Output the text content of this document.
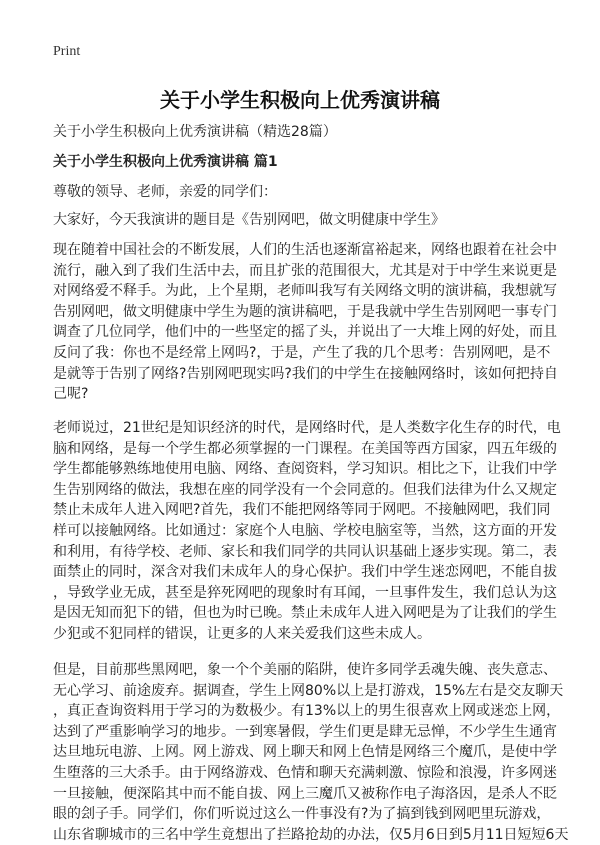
Print
关于小学生积极向上优秀演讲稿
关于小学生积极向上优秀演讲稿（精选28篇）
关于小学生积极向上优秀演讲稿 篇1
尊敬的领导、老师，亲爱的同学们：
大家好，今天我演讲的题目是《告别网吧，做文明健康中学生》
现在随着中国社会的不断发展，人们的生活也逐渐富裕起来，网络也跟着在社会中
流行，融入到了我们生活中去，而且扩张的范围很大，尤其是对于中学生来说更是
对网络爱不释手。为此，上个星期，老师叫我写有关网络文明的演讲稿，我想就写
告别网吧，做文明健康中学生为题的演讲稿吧，于是我就中学生告别网吧一事专门
调查了几位同学，他们中的一些坚定的摇了头，并说出了一大堆上网的好处，而且
反问了我：你也不是经常上网吗?，于是，产生了我的几个思考：告别网吧，是不
是就等于告别了网络?告别网吧现实吗?我们的中学生在接触网络时，该如何把持自
己呢?
老师说过，21世纪是知识经济的时代，是网络时代，是人类数字化生存的时代，电
脑和网络，是每一个学生都必须掌握的一门课程。在美国等西方国家，四五年级的
学生都能够熟练地使用电脑、网络、查阅资料，学习知识。相比之下，让我们中学
生告别网络的做法，我想在座的同学没有一个会同意的。但我们法律为什么又规定
禁止未成年人进入网吧?首先，我们不能把网络等同于网吧。不接触网吧，我们同
样可以接触网络。比如通过：家庭个人电脑、学校电脑室等，当然，这方面的开发
和利用，有待学校、老师、家长和我们同学的共同认识基础上逐步实现。第二，表
面禁止的同时，深含对我们未成年人的身心保护。我们中学生迷恋网吧，不能自拔
，导致学业无成，甚至是猝死网吧的现象时有耳闻，一旦事件发生，我们总认为这
是因无知而犯下的错，但也为时已晚。禁止未成年人进入网吧是为了让我们的学生
少犯或不犯同样的错误，让更多的人来关爱我们这些未成人。
但是，目前那些黑网吧，象一个个美丽的陷阱，使许多同学丢魂失魄、丧失意志、
无心学习、前途废弃。据调查，学生上网80%以上是打游戏，15%左右是交友聊天
，真正查询资料用于学习的为数极少。有13%以上的男生很喜欢上网或迷恋上网，
达到了严重影响学习的地步。一到寒暑假，学生们更是肆无忌惮，不少学生生通宵
达旦地玩电游、上网。网上游戏、网上聊天和网上色情是网络三个魔爪，是使中学
生堕落的三大杀手。由于网络游戏、色情和聊天充满刺激、惊险和浪漫，许多网迷
一旦接触，便深陷其中而不能自拔、网上三魔爪又被称作电子海洛因，是杀人不眨
眼的刽子手。同学们，你们听说过这么一件事没有?为了搞到钱到网吧里玩游戏，
山东省聊城市的三名中学生竟想出了拦路抢劫的办法，仅5月6日到5月11日短短6天
